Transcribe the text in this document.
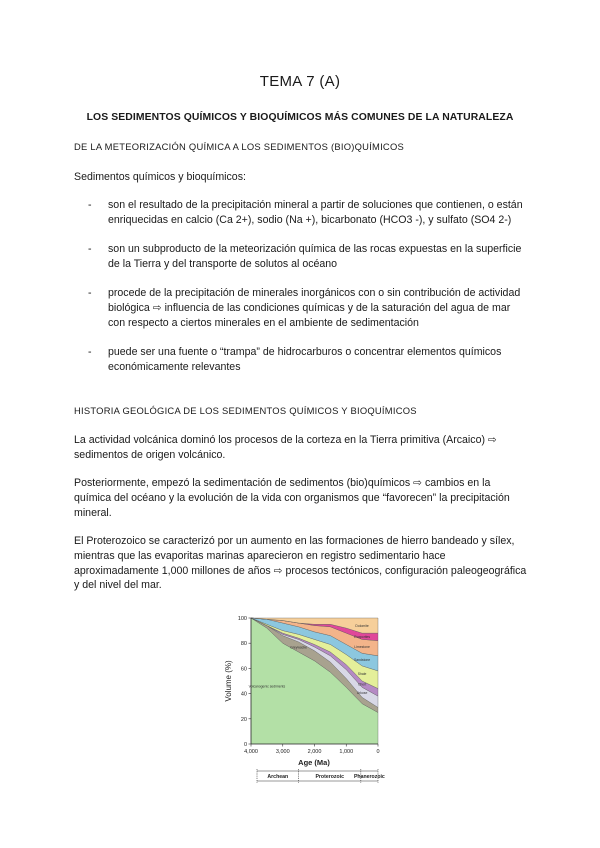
TEMA 7 (A)
LOS SEDIMENTOS QUÍMICOS Y BIOQUÍMICOS MÁS COMUNES DE LA NATURALEZA
DE LA METEORIZACIÓN QUÍMICA A LOS SEDIMENTOS (BIO)QUÍMICOS
Sedimentos químicos y bioquímicos:
- son el resultado de la precipitación mineral a partir de soluciones que contienen, o están enriquecidas en calcio (Ca 2+), sodio (Na +), bicarbonato (HCO3 -), y sulfato (SO4 2-)
- son un subproducto de la meteorización química de las rocas expuestas en la superficie de la Tierra y del transporte de solutos al océano
- procede de la precipitación de minerales inorgánicos con o sin contribución de actividad biológica ⇨ influencia de las condiciones químicas y de la saturación del agua de mar con respecto a ciertos minerales en el ambiente de sedimentación
- puede ser una fuente o “trampa” de hidrocarburos o concentrar elementos químicos económicamente relevantes
HISTORIA GEOLÓGICA DE LOS SEDIMENTOS QUÍMICOS Y BIOQUÍMICOS
La actividad volcánica dominó los procesos de la corteza en la Tierra primitiva (Arcaico) ⇨ sedimentos de origen volcánico.
Posteriormente, empezó la sedimentación de sedimentos (bio)químicos ⇨ cambios en la química del océano y la evolución de la vida con organismos que “favorecen” la precipitación mineral.
El Proterozoico se caracterizó por un aumento en las formaciones de hierro bandeado y sílex, mientras que las evaporitas marinas aparecieron en registro sedimentario hace aproximadamente 1,000 millones de años ⇨ procesos tectónicos, configuración paleogeográfica y del nivel del mar.
0
20
40
60
80
100
4,000	3,000	2,000	1,000	0
Volume (%)
Age (Ma)
Archean	Proterozoic Phanerozoic
Volcanogenic sediments
Greywacke
Arkose
Chert
Shale
Sandstone
Limestone
Evaporites
Dolomite
